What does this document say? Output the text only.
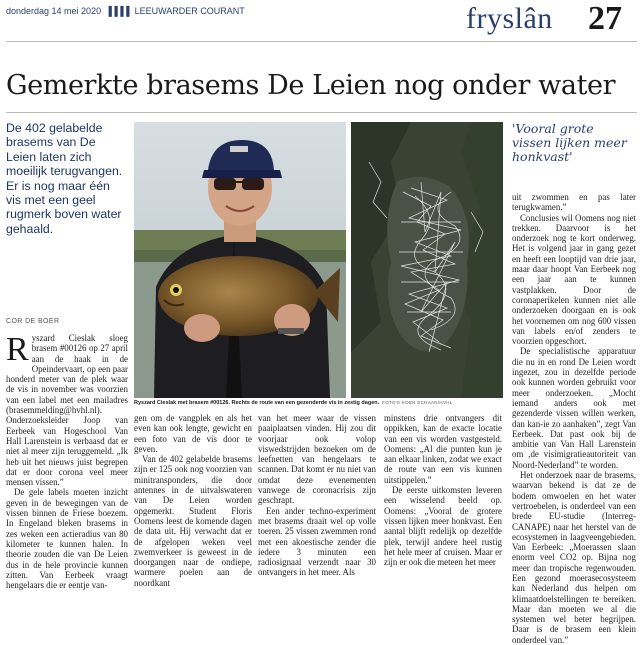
donderdag 14 mei 2020 ▌▌▌▌ LEEUWARDER COURANT	fryslân 27
Gemerkte brasems De Leien nog onder water
De 402 gelabelde brasems van De Leien laten zich moeilijk terugvangen. Er is nog maar één vis met een geel rugmerk boven water gehaald.
COR DE BOER
Ryszard Cieslak met brasem #00126. Rechts de route van een gezenderde vis in zestig dagen. FOTO'S KOEN SCHAAN/HVHL
'Vooral grote vissen lijken meer honkvast'

Ryszard Cieslak sloeg brasem #00126 op 27 april aan de haak in de Opeindervaart, op een paar honderd meter van de plek waar de vis in november was voorzien van een label met een mailadres (brasemmelding@hvhl.nl). Onderzoeksleider Joop van Eerbeek van Hogeschool Van Hall Larenstein is verbaasd dat er niet al meer zijn teruggemeld. „Ik heb uit het nieuws juist begrepen dat er door corona veel meer mensen vissen.”

De gele labels moeten inzicht geven in de bewegingen van de vissen binnen de Friese boezem. In Engeland bleken brasems in zes weken een actieradius van 80 kilometer te kunnen halen. In theorie zouden die van De Leien dus in de hele provincie kunnen zitten. Van Eerbeek vraagt hengelaars die er eentje van-

gen om de vangplek en als het even kan ook lengte, gewicht en een foto van de vis door te geven.

Van de 402 gelabelde brasems zijn er 125 ook nog voorzien van minitransponders, die door antennes in de uitvalswateren van De Leien worden opgemerkt. Student Floris Oomens leest de komende dagen de data uit. Hij verwacht dat er de afgelopen weken veel zwemverkeer is geweest in de doorgangen naar de ondiepe, warmere poelen aan de noordkant

van het meer waar de vissen paaiplaatsen vinden. Hij zou dit voorjaar ook volop viswedstrijden bezoeken om de leefnetten van hengelaars te scannen. Dat komt er nu niet van omdat deze evenementen vanwege de coronacrisis zijn geschrapt.

Een ander techno-experiment met brasems draait wel op volle toeren. 25 vissen zwemmen rond met een akoestische zender die iedere 3 minuten een radiosignaal verzendt naar 30 ontvangers in het meer. Als

minstens drie ontvangers dit oppikken, kan de exacte locatie van een vis worden vastgesteld. Oomens: „Al die punten kun je aan elkaar linken, zodat we exact de route van een vis kunnen uitstippelen.”

De eerste uitkomsten leveren een wisselend beeld op. Oomens: „Vooral de grotere vissen lijken meer honkvast. Een aantal blijft redelijk op dezelfde plek, terwijl andere heel rustig het hele meer af cruisen. Maar er zijn er ook die meteen het meer

uit zwommen en pas later terugkwamen.”

Conclusies wil Oomens nog niet trekken. Daarvoor is het onderzoek nog te kort onderweg. Het is volgend jaar in gang gezet en heeft een looptijd van drie jaar, maar daar hoopt Van Eerbeek nog een jaar aan te kunnen vastplakken. Door de coronaperikelen kunnen niet alle onderzoeken doorgaan en is ook het voornemen om nog 600 vissen van labels en/of zenders te voorzien opgeschort.

De specialistische apparatuur die nu in en rond De Leien wordt ingezet, zou in dezelfde periode ook kunnen worden gebruikt voor meer onderzoeken. „Mocht iemand anders ook met gezenderde vissen willen werken, dan kan-ie zo aanhaken”, zegt Van Eerbeek. Dat past ook bij de ambitie van Van Hall Larenstein om ,de visimigratieautoriteit van Noord-Nederland” te worden.

Het onderzoek naar de brasems, waarvan bekend is dat ze de bodem omwoelen en het water vertroebelen, is onderdeel van een brede EU-studie (Interreg-CANAPE) naar het herstel van de ecosystemen in laagveengebieden. Van Eerbeek: „Moerassen slaan enorm veel CO2 op. Bijna nog meer dan tropische regenwouden. Een gezond moerasecosysteem kan Nederland dus helpen om klimaatdoelstellingen te bereiken. Maar dan moeten we al die systemen wel beter begrijpen. Daar is de brasem een klein onderdeel van.”
